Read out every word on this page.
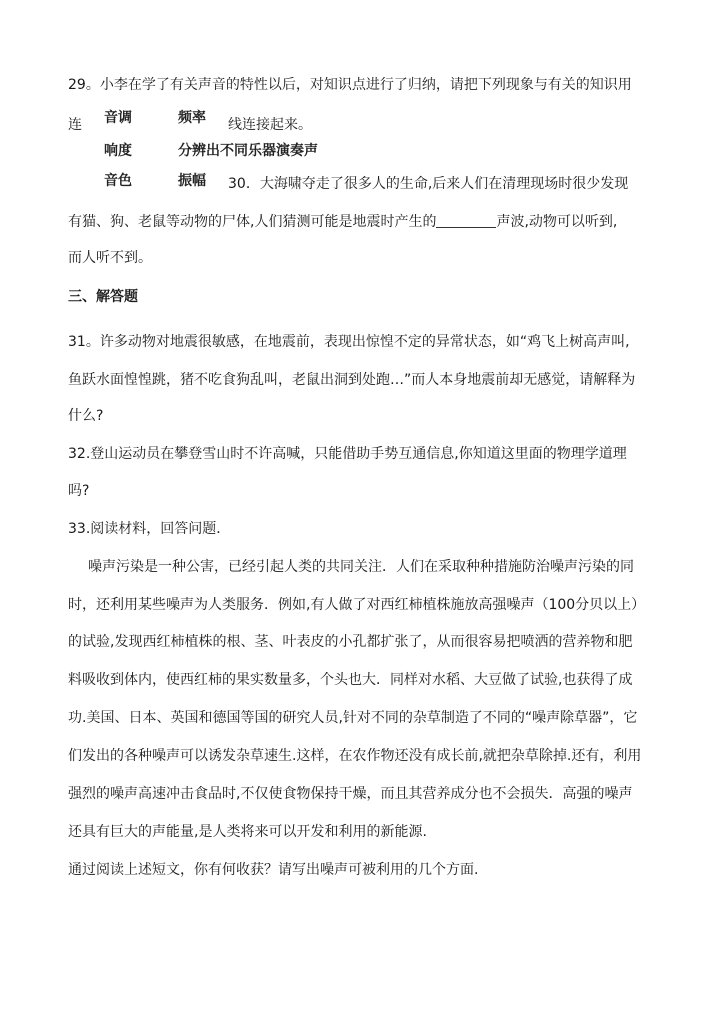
29。小李在学了有关声音的特性以后，对知识点进行了归纳，请把下列现象与有关的知识用
连 音调	频率 线连接起来。
响度	分辨出不同乐器演奏声
音色	振幅 30．大海啸夺走了很多人的生命,后来人们在清理现场时很少发现
有猫、狗、老鼠等动物的尸体,人们猜测可能是地震时产生的	声波,动物可以听到,
而人听不到。
三、解答题
31。许多动物对地震很敏感，在地震前，表现出惊惶不定的异常状态，如“鸡飞上树高声叫,
鱼跃水面惶惶跳，猪不吃食狗乱叫，老鼠出洞到处跑…”而人本身地震前却无感觉，请解释为
什么?
32.登山运动员在攀登雪山时不许高喊，只能借助手势互通信息,你知道这里面的物理学道理
吗?
33.阅读材料，回答问题．
噪声污染是一种公害，已经引起人类的共同关注．人们在采取种种措施防治噪声污染的同
时，还利用某些噪声为人类服务．例如,有人做了对西红柿植株施放高强噪声（100分贝以上）
的试验,发现西红柿植株的根、茎、叶表皮的小孔都扩张了，从而很容易把喷洒的营养物和肥
料吸收到体内，使西红柿的果实数量多，个头也大．同样对水稻、大豆做了试验,也获得了成
功.美国、日本、英国和德国等国的研究人员,针对不同的杂草制造了不同的“噪声除草器”，它
们发出的各种噪声可以诱发杂草速生.这样，在农作物还没有成长前,就把杂草除掉.还有，利用
强烈的噪声高速冲击食品时,不仅使食物保持干燥，而且其营养成分也不会损失．高强的噪声
还具有巨大的声能量,是人类将来可以开发和利用的新能源.
通过阅读上述短文，你有何收获？请写出噪声可被利用的几个方面.
